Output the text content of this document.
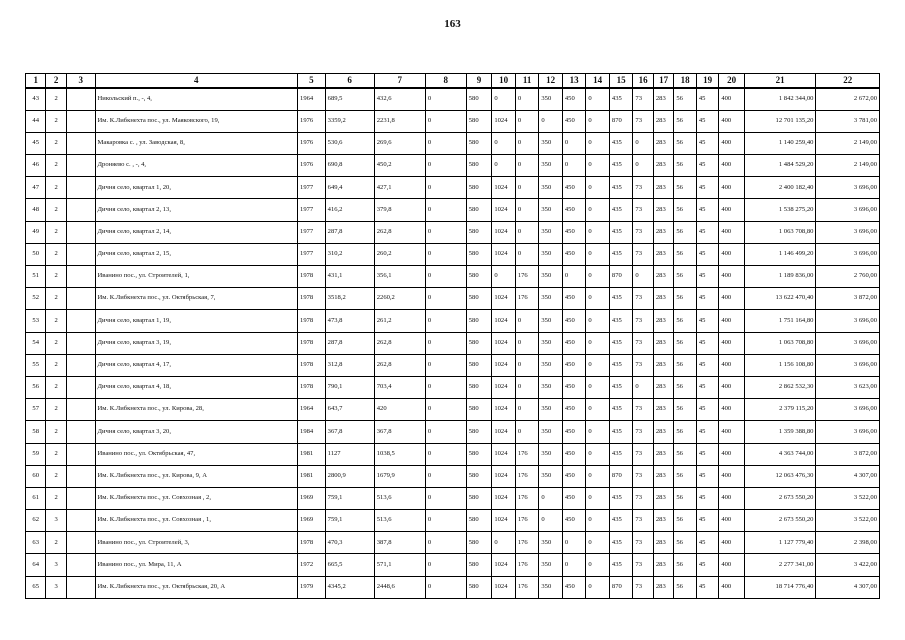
163
1	2	3	4	5	6	7	8	9	10	11	12	13	14	15	16	17	18	19	20	21	22
43	2		Никольский п., -, 4,	1964	689,5	432,6	0	580	0	0	350	450	0	435	73	283	56	45	400	1 842 344,00	2 672,00
44	2		Им. К.Либкнехта пос., ул. Маяковского, 19,	1976	3359,2	2231,8	0	580	1024	0	0	450	0	870	73	283	56	45	400	12 701 135,20	3 781,00
45	2		Макаровка с. , ул. Заводская, 8,	1976	530,6	269,6	0	580	0	0	350	0	0	435	0	283	56	45	400	1 140 259,40	2 149,00
46	2		Дроняево с. , -, 4,	1976	690,8	450,2	0	580	0	0	350	0	0	435	0	283	56	45	400	1 484 529,20	2 149,00
47	2		Дичня село, квартал 1, 20,	1977	649,4	427,1	0	580	1024	0	350	450	0	435	73	283	56	45	400	2 400 182,40	3 696,00
48	2		Дичня село, квартал 2, 13,	1977	416,2	379,8	0	580	1024	0	350	450	0	435	73	283	56	45	400	1 538 275,20	3 696,00
49	2		Дичня село, квартал 2, 14,	1977	287,8	262,8	0	580	1024	0	350	450	0	435	73	283	56	45	400	1 063 708,80	3 696,00
50	2		Дичня село, квартал 2, 15,	1977	310,2	260,2	0	580	1024	0	350	450	0	435	73	283	56	45	400	1 146 499,20	3 696,00
51	2		Иванино пос., ул. Строителей, 1,	1978	431,1	356,1	0	580	0	176	350	0	0	870	0	283	56	45	400	1 189 836,00	2 760,00
52	2		Им. К.Либкнехта пос., ул. Октябрьская, 7,	1978	3518,2	2260,2	0	580	1024	176	350	450	0	435	73	283	56	45	400	13 622 470,40	3 872,00
53	2		Дичня село, квартал 1, 19,	1978	473,8	261,2	0	580	1024	0	350	450	0	435	73	283	56	45	400	1 751 164,80	3 696,00
54	2		Дичня село, квартал 3, 19,	1978	287,8	262,8	0	580	1024	0	350	450	0	435	73	283	56	45	400	1 063 708,80	3 696,00
55	2		Дичня село, квартал 4, 17,	1978	312,8	262,8	0	580	1024	0	350	450	0	435	73	283	56	45	400	1 156 108,80	3 696,00
56	2		Дичня село, квартал 4, 18,	1978	790,1	703,4	0	580	1024	0	350	450	0	435	0	283	56	45	400	2 862 532,30	3 623,00
57	2		Им. К.Либкнехта пос., ул. Кирова, 28,	1964	643,7	420	0	580	1024	0	350	450	0	435	73	283	56	45	400	2 379 115,20	3 696,00
58	2		Дичня село, квартал 3, 20,	1984	367,8	367,8	0	580	1024	0	350	450	0	435	73	283	56	45	400	1 359 388,80	3 696,00
59	2		Иванино пос., ул. Октябрьская, 47,	1981	1127	1038,5	0	580	1024	176	350	450	0	435	73	283	56	45	400	4 363 744,00	3 872,00
60	2		Им. К.Либкнехта пос., ул. Кирова, 9, А	1981	2800,9	1679,9	0	580	1024	176	350	450	0	870	73	283	56	45	400	12 063 476,30	4 307,00
61	2		Им. К.Либкнехта пос., ул. Совхозная , 2,	1969	759,1	513,6	0	580	1024	176	0	450	0	435	73	283	56	45	400	2 673 550,20	3 522,00
62	3		Им. К.Либкнехта пос., ул. Совхозная , 1,	1969	759,1	513,6	0	580	1024	176	0	450	0	435	73	283	56	45	400	2 673 550,20	3 522,00
63	2		Иванино пос., ул. Строителей, 3,	1978	470,3	387,8	0	580	0	176	350	0	0	435	73	283	56	45	400	1 127 779,40	2 398,00
64	3		Иванино пос., ул. Мира, 11, А	1972	665,5	571,1	0	580	1024	176	350	0	0	435	73	283	56	45	400	2 277 341,00	3 422,00
65	3		Им. К.Либкнехта пос., ул. Октябрьская, 20, А	1979	4345,2	2448,6	0	580	1024	176	350	450	0	870	73	283	56	45	400	18 714 776,40	4 307,00
